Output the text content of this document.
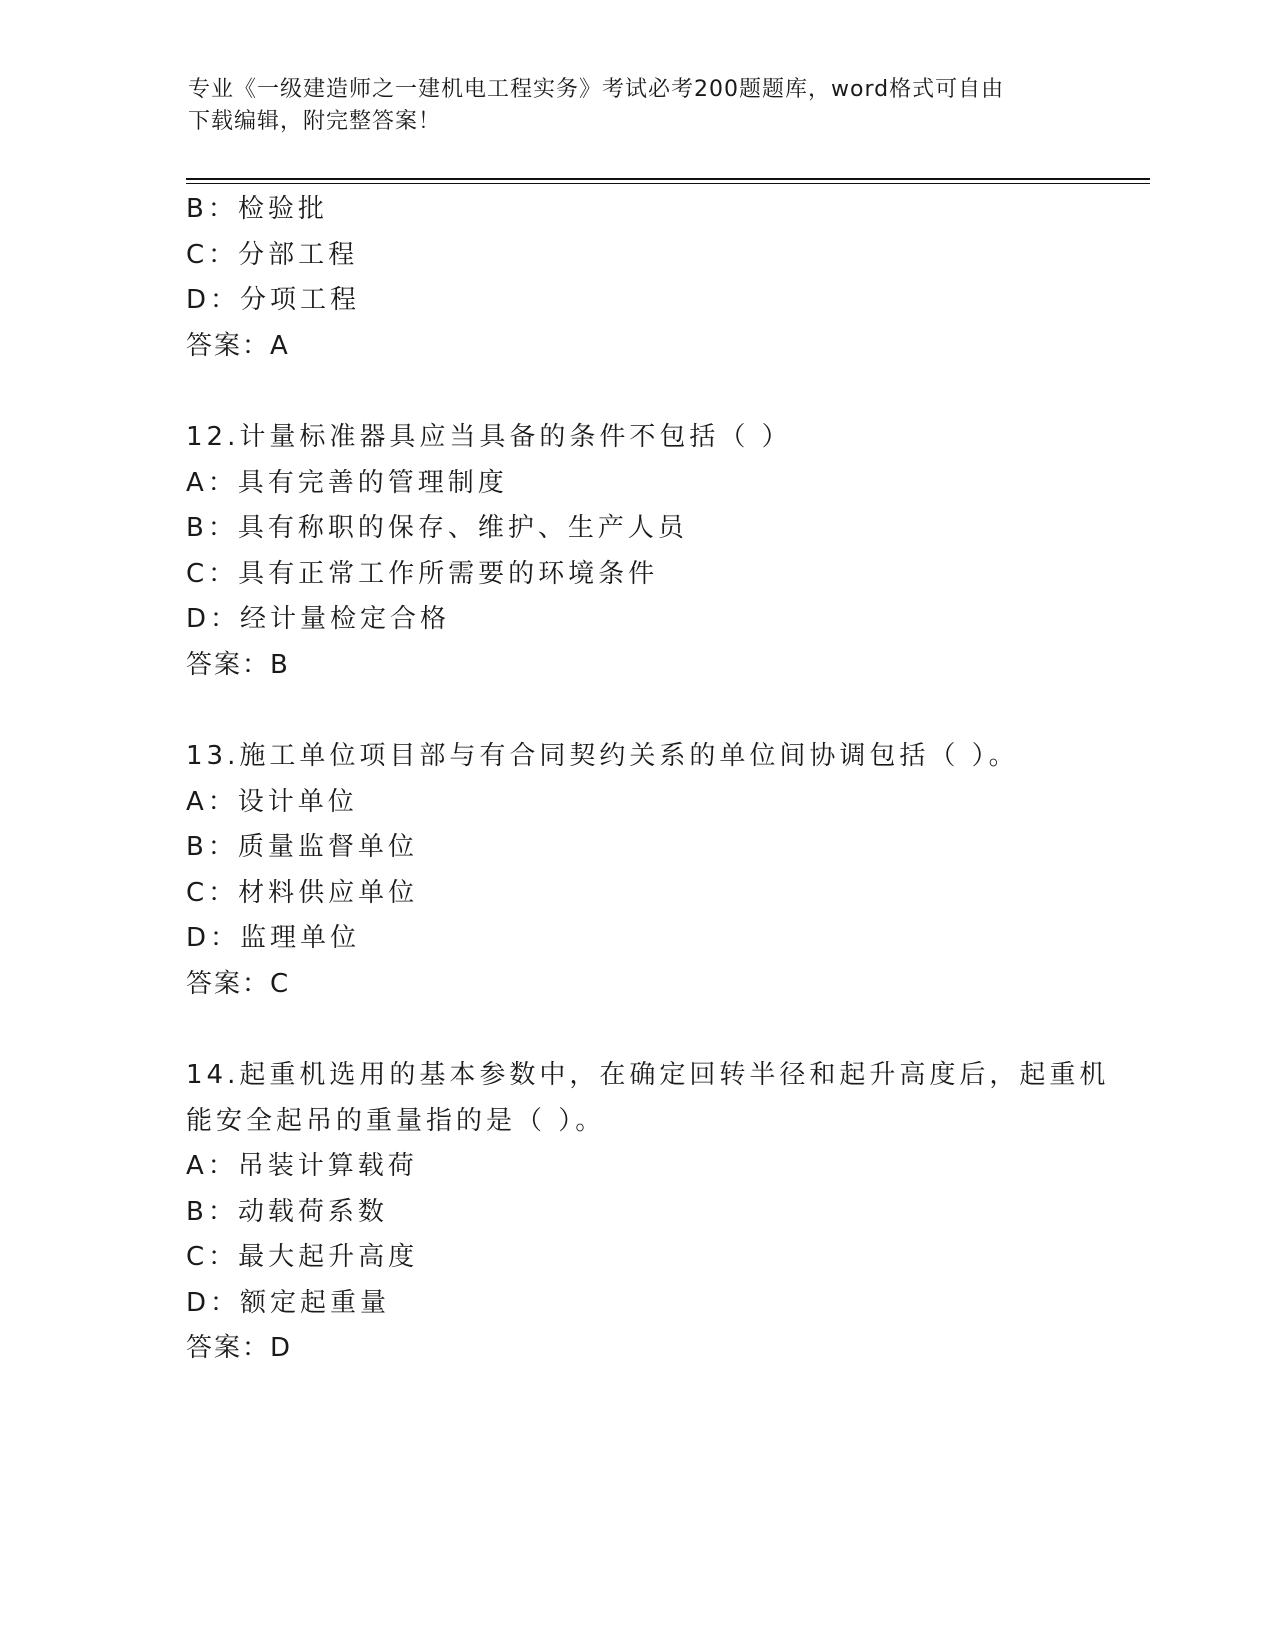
专业《一级建造师之一建机电工程实务》考试必考200题题库，word格式可自由
下载编辑，附完整答案！
B：检验批
C：分部工程
D：分项工程
答案：A
12.计量标准器具应当具备的条件不包括（ ）
A：具有完善的管理制度
B：具有称职的保存、维护、生产人员
C：具有正常工作所需要的环境条件
D：经计量检定合格
答案：B
13.施工单位项目部与有合同契约关系的单位间协调包括（ ）。
A：设计单位
B：质量监督单位
C：材料供应单位
D：监理单位
答案：C
14.起重机选用的基本参数中，在确定回转半径和起升高度后，起重机
能安全起吊的重量指的是（ ）。
A：吊装计算载荷
B：动载荷系数
C：最大起升高度
D：额定起重量
答案：D
